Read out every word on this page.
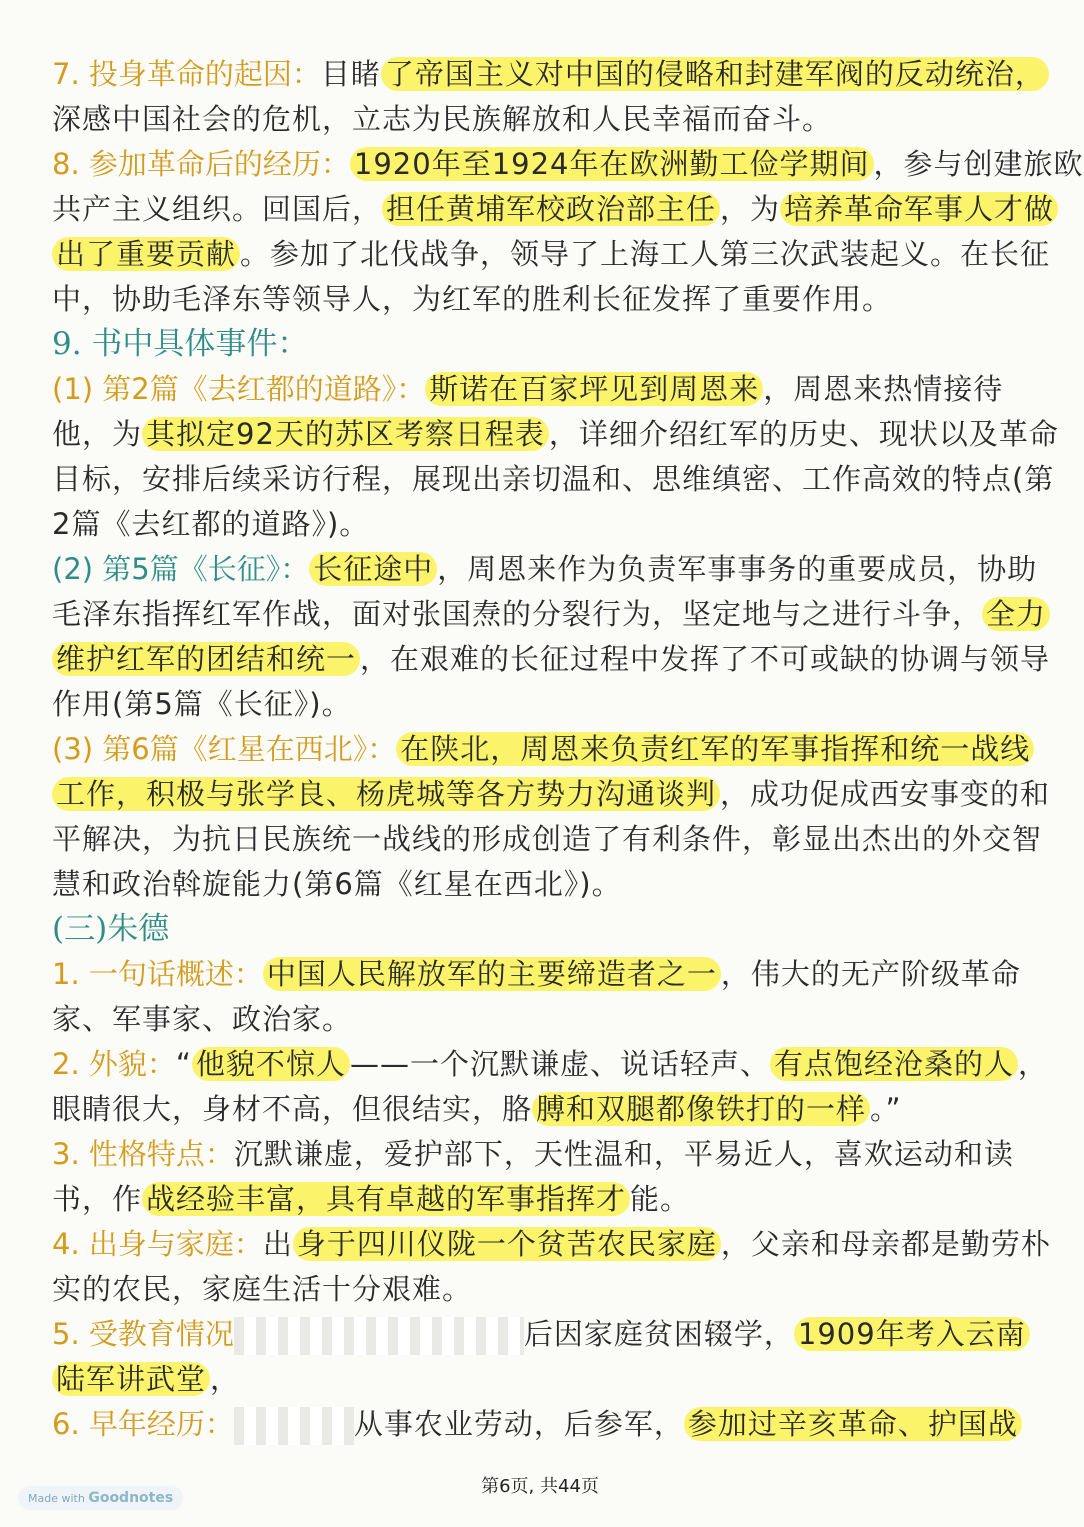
7. 投身革命的起因：目睹 了帝国主义对中国的侵略和封建军阀的反动统治，
深感中国社会的危机，立志为民族解放和人民幸福而奋斗。
8. 参加革命后的经历： 1920年至1924年在欧洲勤工俭学期间 ，参与创建旅欧
共产主义组织。回国后， 担任黄埔军校政治部主任 ，为 培养革命军事人才做
出了重要贡献 。参加了北伐战争，领导了上海工人第三次武装起义。在长征
中，协助毛泽东等领导人，为红军的胜利长征发挥了重要作用。
9. 书中具体事件：
(1) 第2篇《去红都的道路》： 斯诺在百家坪见到周恩来 ，周恩来热情接待
他，为 其拟定92天的苏区考察日程表 ，详细介绍红军的历史、现状以及革命
目标，安排后续采访行程，展现出亲切温和、思维缜密、工作高效的特点(第
2篇《去红都的道路》)。
(2) 第5篇《长征》： 长征途中 ，周恩来作为负责军事事务的重要成员，协助
毛泽东指挥红军作战，面对张国焘的分裂行为，坚定地与之进行斗争， 全力
维护红军的团结和统一 ，在艰难的长征过程中发挥了不可或缺的协调与领导
作用(第5篇《长征》)。
(3) 第6篇《红星在西北》： 在陕北，周恩来负责红军的军事指挥和统一战线
工作，积极与张学良、杨虎城等各方势力沟通谈判 ，成功促成西安事变的和
平解决，为抗日民族统一战线的形成创造了有利条件，彰显出杰出的外交智
慧和政治斡旋能力(第6篇《红星在西北》)。
(三)朱德
1. 一句话概述： 中国人民解放军的主要缔造者之一 ，伟大的无产阶级革命
家、军事家、政治家。
2. 外貌：“ 他貌不惊人 ——一个沉默谦虚、说话轻声、 有点饱经沧桑的人 ，
眼睛很大，身材不高，但很结实，胳 膊和双腿都像铁打的一样 。”
3. 性格特点：沉默谦虚，爱护部下，天性温和，平易近人，喜欢运动和读
书，作 战经验丰富，具有卓越的军事指挥才 能。
4. 出身与家庭：出 身于四川仪陇一个贫苦农民家庭 ，父亲和母亲都是勤劳朴
实的农民，家庭生活十分艰难。
5. 受教育情况	后因家庭贫困辍学， 1909年考入云南
陆军讲武堂 ，
6. 早年经历：	从事农业劳动，后参军， 参加过辛亥革命、护国战
第6页, 共44页
Made with Goodnotes
